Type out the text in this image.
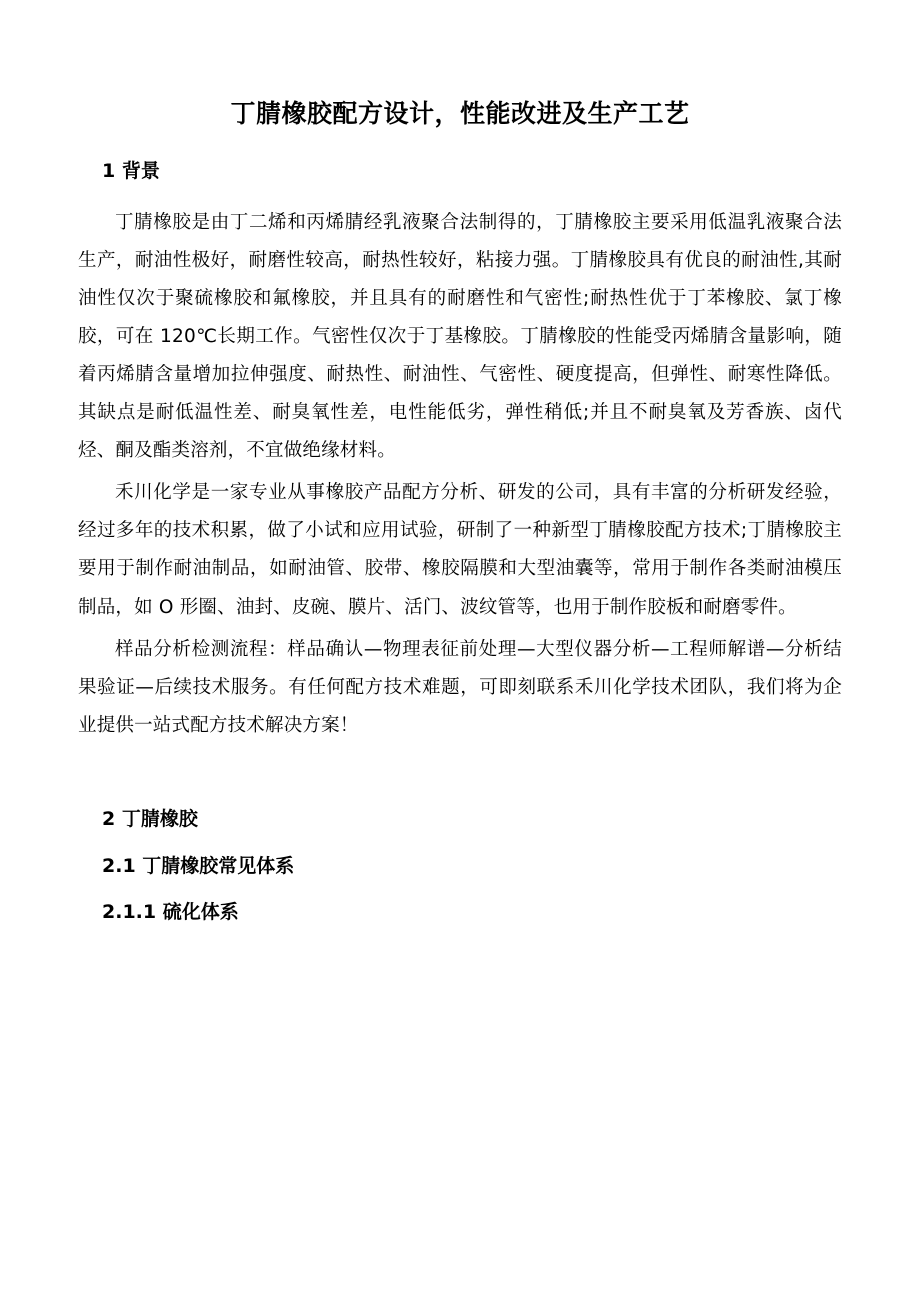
丁腈橡胶配方设计，性能改进及生产工艺
1 背景

丁腈橡胶是由丁二烯和丙烯腈经乳液聚合法制得的，丁腈橡胶主要采用低温乳液聚合法生产，耐油性极好，耐磨性较高，耐热性较好，粘接力强。丁腈橡胶具有优良的耐油性,其耐油性仅次于聚硫橡胶和氟橡胶，并且具有的耐磨性和气密性;耐热性优于丁苯橡胶、氯丁橡胶，可在 120℃长期工作。气密性仅次于丁基橡胶。丁腈橡胶的性能受丙烯腈含量影响，随着丙烯腈含量增加拉伸强度、耐热性、耐油性、气密性、硬度提高，但弹性、耐寒性降低。其缺点是耐低温性差、耐臭氧性差，电性能低劣，弹性稍低;并且不耐臭氧及芳香族、卤代烃、酮及酯类溶剂，不宜做绝缘材料。

禾川化学是一家专业从事橡胶产品配方分析、研发的公司，具有丰富的分析研发经验，经过多年的技术积累，做了小试和应用试验，研制了一种新型丁腈橡胶配方技术;丁腈橡胶主要用于制作耐油制品，如耐油管、胶带、橡胶隔膜和大型油囊等，常用于制作各类耐油模压制品，如 O 形圈、油封、皮碗、膜片、活门、波纹管等，也用于制作胶板和耐磨零件。

样品分析检测流程：样品确认—物理表征前处理—大型仪器分析—工程师解谱—分析结果验证—后续技术服务。有任何配方技术难题，可即刻联系禾川化学技术团队，我们将为企业提供一站式配方技术解决方案！

2 丁腈橡胶
2.1 丁腈橡胶常见体系
2.1.1 硫化体系
